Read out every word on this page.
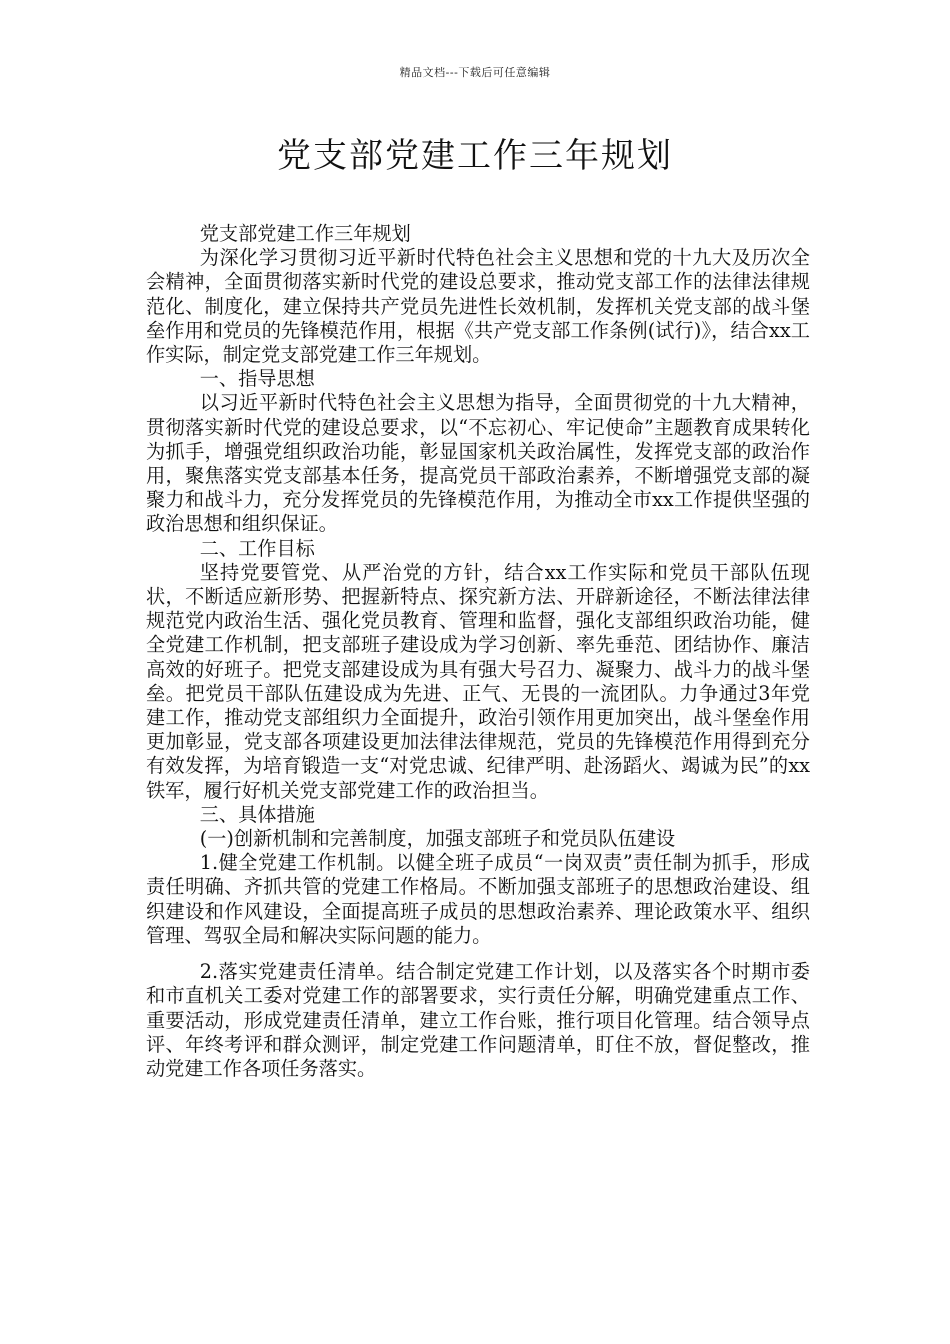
精品文档---下载后可任意编辑
党支部党建工作三年规划

党支部党建工作三年规划

为深化学习贯彻习近平新时代特色社会主义思想和党的十九大及历次全会精神，全面贯彻落实新时代党的建设总要求，推动党支部工作的法律法律规范化、制度化，建立保持共产党员先进性长效机制，发挥机关党支部的战斗堡垒作用和党员的先锋模范作用，根据《共产党支部工作条例(试行)》，结合xx工作实际，制定党支部党建工作三年规划。

一、指导思想

以习近平新时代特色社会主义思想为指导，全面贯彻党的十九大精神，贯彻落实新时代党的建设总要求，以“不忘初心、牢记使命”主题教育成果转化为抓手，增强党组织政治功能，彰显国家机关政治属性，发挥党支部的政治作用，聚焦落实党支部基本任务，提高党员干部政治素养，不断增强党支部的凝聚力和战斗力，充分发挥党员的先锋模范作用，为推动全市xx工作提供坚强的政治思想和组织保证。

二、工作目标

坚持党要管党、从严治党的方针，结合xx工作实际和党员干部队伍现状，不断适应新形势、把握新特点、探究新方法、开辟新途径，不断法律法律规范党内政治生活、强化党员教育、管理和监督，强化支部组织政治功能，健全党建工作机制，把支部班子建设成为学习创新、率先垂范、团结协作、廉洁高效的好班子。把党支部建设成为具有强大号召力、凝聚力、战斗力的战斗堡垒。把党员干部队伍建设成为先进、正气、无畏的一流团队。力争通过3年党建工作，推动党支部组织力全面提升，政治引领作用更加突出，战斗堡垒作用更加彰显，党支部各项建设更加法律法律规范，党员的先锋模范作用得到充分有效发挥，为培育锻造一支“对党忠诚、纪律严明、赴汤蹈火、竭诚为民”的xx铁军，履行好机关党支部党建工作的政治担当。

三、具体措施

(一)创新机制和完善制度，加强支部班子和党员队伍建设

1.健全党建工作机制。以健全班子成员“一岗双责”责任制为抓手，形成责任明确、齐抓共管的党建工作格局。不断加强支部班子的思想政治建设、组织建设和作风建设，全面提高班子成员的思想政治素养、理论政策水平、组织管理、驾驭全局和解决实际问题的能力。

2.落实党建责任清单。结合制定党建工作计划，以及落实各个时期市委和市直机关工委对党建工作的部署要求，实行责任分解，明确党建重点工作、重要活动，形成党建责任清单，建立工作台账，推行项目化管理。结合领导点评、年终考评和群众测评，制定党建工作问题清单，盯住不放，督促整改，推动党建工作各项任务落实。
